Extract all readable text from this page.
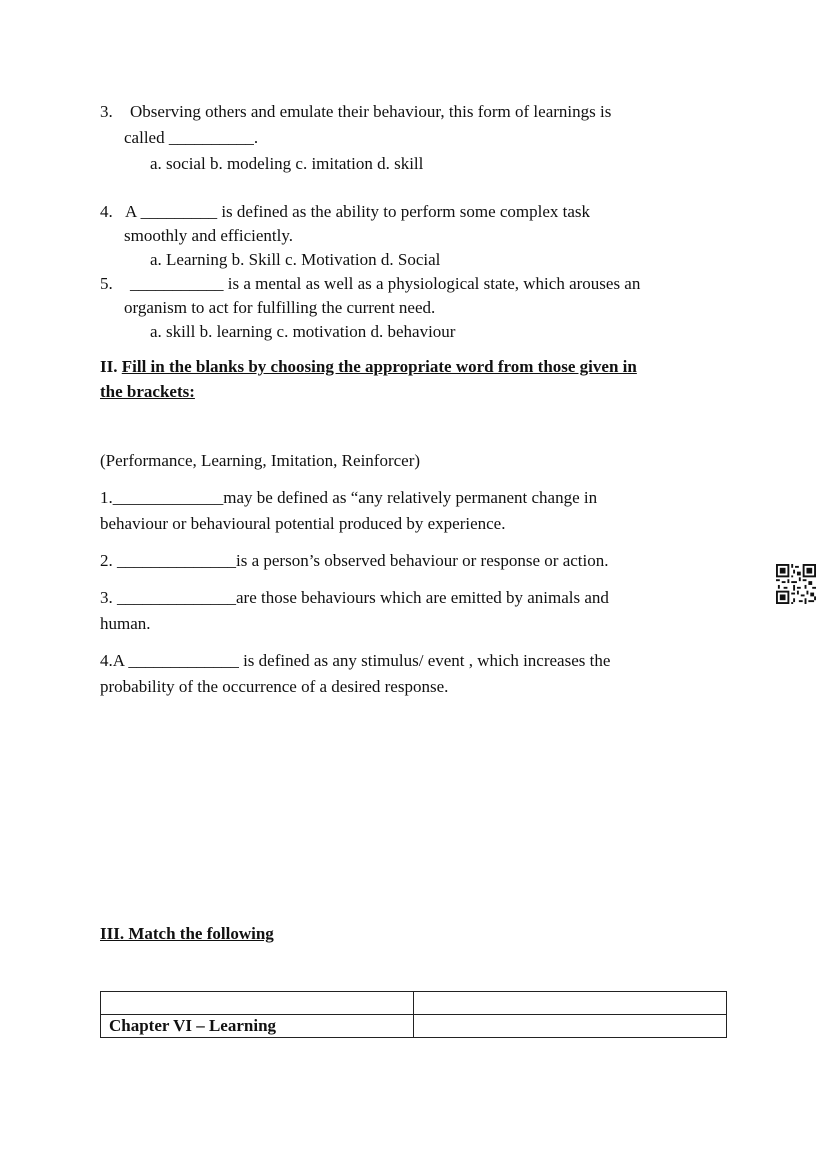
3. Observing others and emulate their behaviour, this form of learnings is
called __________.
a. social b. modeling c. imitation d. skill
4. A _________ is defined as the ability to perform some complex task
smoothly and efficiently.
a. Learning b. Skill c. Motivation d. Social
5. ___________ is a mental as well as a physiological state, which arouses an
organism to act for fulfilling the current need.
a. skill b. learning c. motivation d. behaviour
II. Fill in the blanks by choosing the appropriate word from those given in
the brackets:
(Performance, Learning, Imitation, Reinforcer)
1._____________may be defined as “any relatively permanent change in
behaviour or behavioural potential produced by experience.
2. ______________is a person’s observed behaviour or response or action.
3. ______________are those behaviours which are emitted by animals and
human.
4.A _____________ is defined as any stimulus/ event , which increases the
probability of the occurrence of a desired response.
III. Match the following

Chapter VI – Learning	
